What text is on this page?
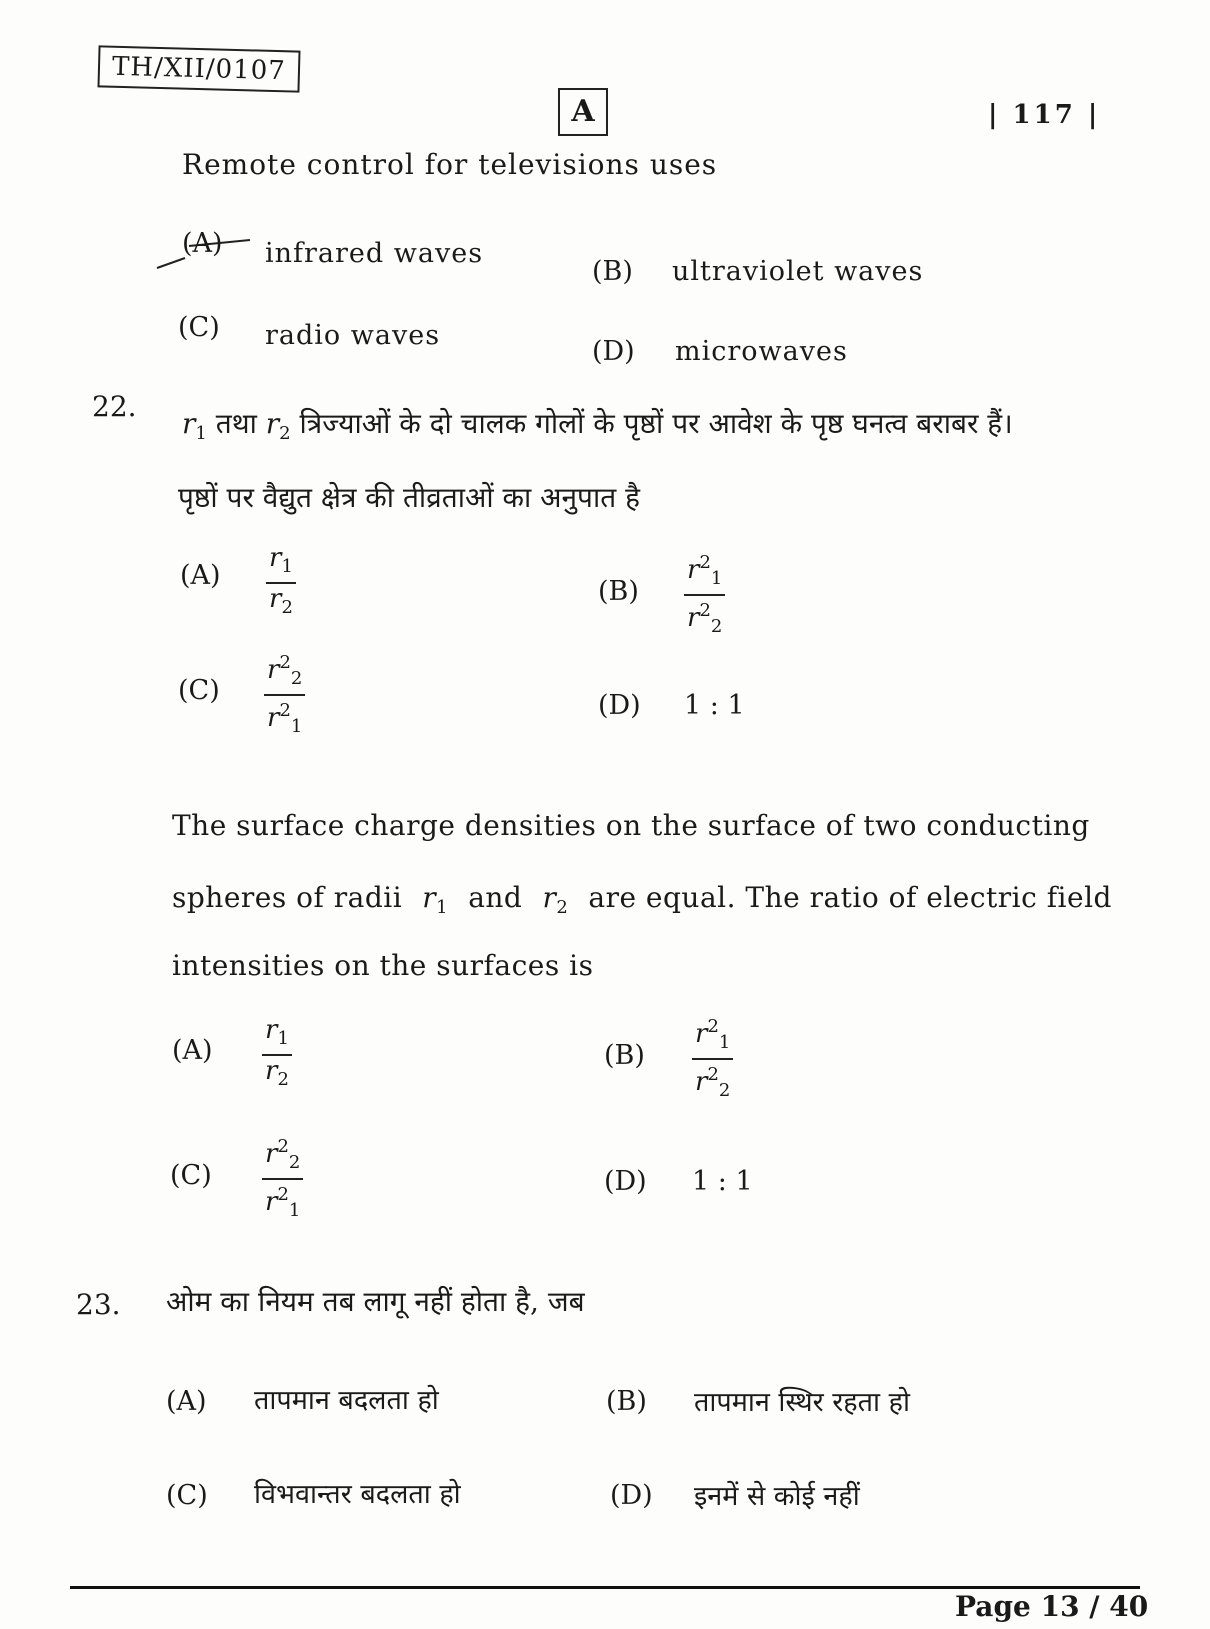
TH/XII/0107
A	| 117 |
Remote control for televisions uses
(A) infrared waves
(B) ultraviolet waves
(C) radio waves
(D) microwaves
22.
$r_1$ तथा $r_2$ त्रिज्याओं के दो चालक गोलों के पृष्ठों पर आवेश के पृष्ठ घनत्व बराबर हैं।
पृष्ठों पर वैद्युत क्षेत्र की तीव्रताओं का अनुपात है
(A)
$r_1$
$r_2$
(B)
$r^2_1$
$r^2_2$
(C)
$r^2_2$
$r^2_1$
(D) 1 : 1
The surface charge densities on the surface of two conducting
spheres of radii $r_1$ and $r_2$ are equal. The ratio of electric field
intensities on the surfaces is
(A)
$r_1$
$r_2$
(B)
$r^2_1$
$r^2_2$
(C)
$r^2_2$
$r^2_1$
(D) 1 : 1
23. ओम का नियम तब लागू नहीं होता है, जब
(A) तापमान बदलता हो	(B) तापमान स्थिर रहता हो
(C) विभवान्तर बदलता हो	(D) इनमें से कोई नहीं
Page 13 / 40
